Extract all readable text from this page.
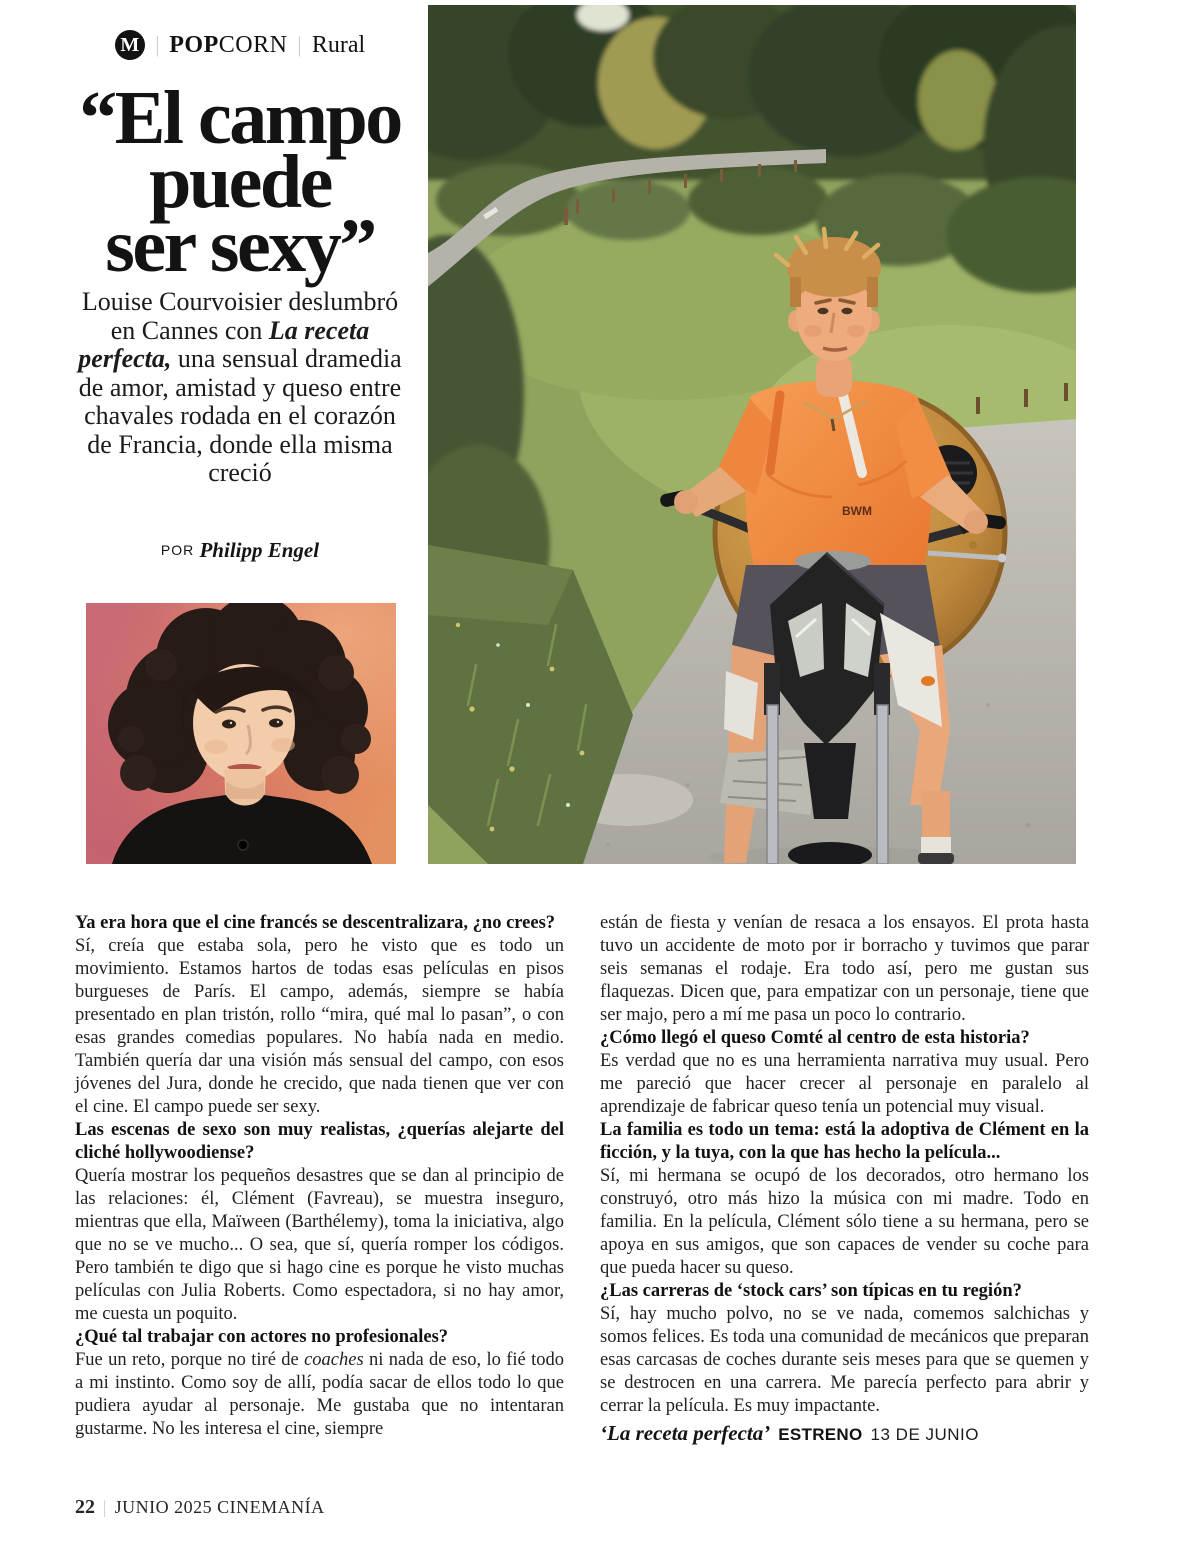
M | POPCORN | Rural
“El campo
puede
ser sexy”
Louise Courvoisier deslumbró en Cannes con La receta perfecta, una sensual dramedia de amor, amistad y queso entre chavales rodada en el corazón de Francia, donde ella misma creció
POR Philipp Engel
BWM

Ya era hora que el cine francés se descentralizara, ¿no crees?

Sí, creía que estaba sola, pero he visto que es todo un movimiento. Estamos hartos de todas esas películas en pisos burgueses de París. El campo, además, siempre se había presentado en plan tristón, rollo “mira, qué mal lo pasan”, o con esas grandes comedias populares. No había nada en medio. También quería dar una visión más sensual del campo, con esos jóvenes del Jura, donde he crecido, que nada tienen que ver con el cine. El campo puede ser sexy.

Las escenas de sexo son muy realistas, ¿querías alejarte del cliché hollywoodiense?

Quería mostrar los pequeños desastres que se dan al principio de las relaciones: él, Clément (Favreau), se muestra inseguro, mientras que ella, Maïween (Barthélemy), toma la iniciativa, algo que no se ve mucho... O sea, que sí, quería romper los códigos. Pero también te digo que si hago cine es porque he visto muchas películas con Julia Roberts. Como espectadora, si no hay amor, me cuesta un poquito.

¿Qué tal trabajar con actores no profesionales?

Fue un reto, porque no tiré de coaches ni nada de eso, lo fié todo a mi instinto. Como soy de allí, podía sacar de ellos todo lo que pudiera ayudar al personaje. Me gustaba que no intentaran gustarme. No les interesa el cine, siempre

están de fiesta y venían de resaca a los ensayos. El prota hasta tuvo un accidente de moto por ir borracho y tuvimos que parar seis semanas el rodaje. Era todo así, pero me gustan sus flaquezas. Dicen que, para empatizar con un personaje, tiene que ser majo, pero a mí me pasa un poco lo contrario.

¿Cómo llegó el queso Comté al centro de esta historia?

Es verdad que no es una herramienta narrativa muy usual. Pero me pareció que hacer crecer al personaje en paralelo al aprendizaje de fabricar queso tenía un potencial muy visual.

La familia es todo un tema: está la adoptiva de Clément en la ficción, y la tuya, con la que has hecho la película...

Sí, mi hermana se ocupó de los decorados, otro hermano los construyó, otro más hizo la música con mi madre. Todo en familia. En la película, Clément sólo tiene a su hermana, pero se apoya en sus amigos, que son capaces de vender su coche para que pueda hacer su queso.

¿Las carreras de ‘stock cars’ son típicas en tu región?

Sí, hay mucho polvo, no se ve nada, comemos salchichas y somos felices. Es toda una comunidad de mecánicos que preparan esas carcasas de coches durante seis meses para que se quemen y se destrocen en una carrera. Me parecía perfecto para abrir y cerrar la película. Es muy impactante.

‘La receta perfecta’ ESTRENO 13 DE JUNIO
22 | JUNIO 2025 CINEMANÍA
